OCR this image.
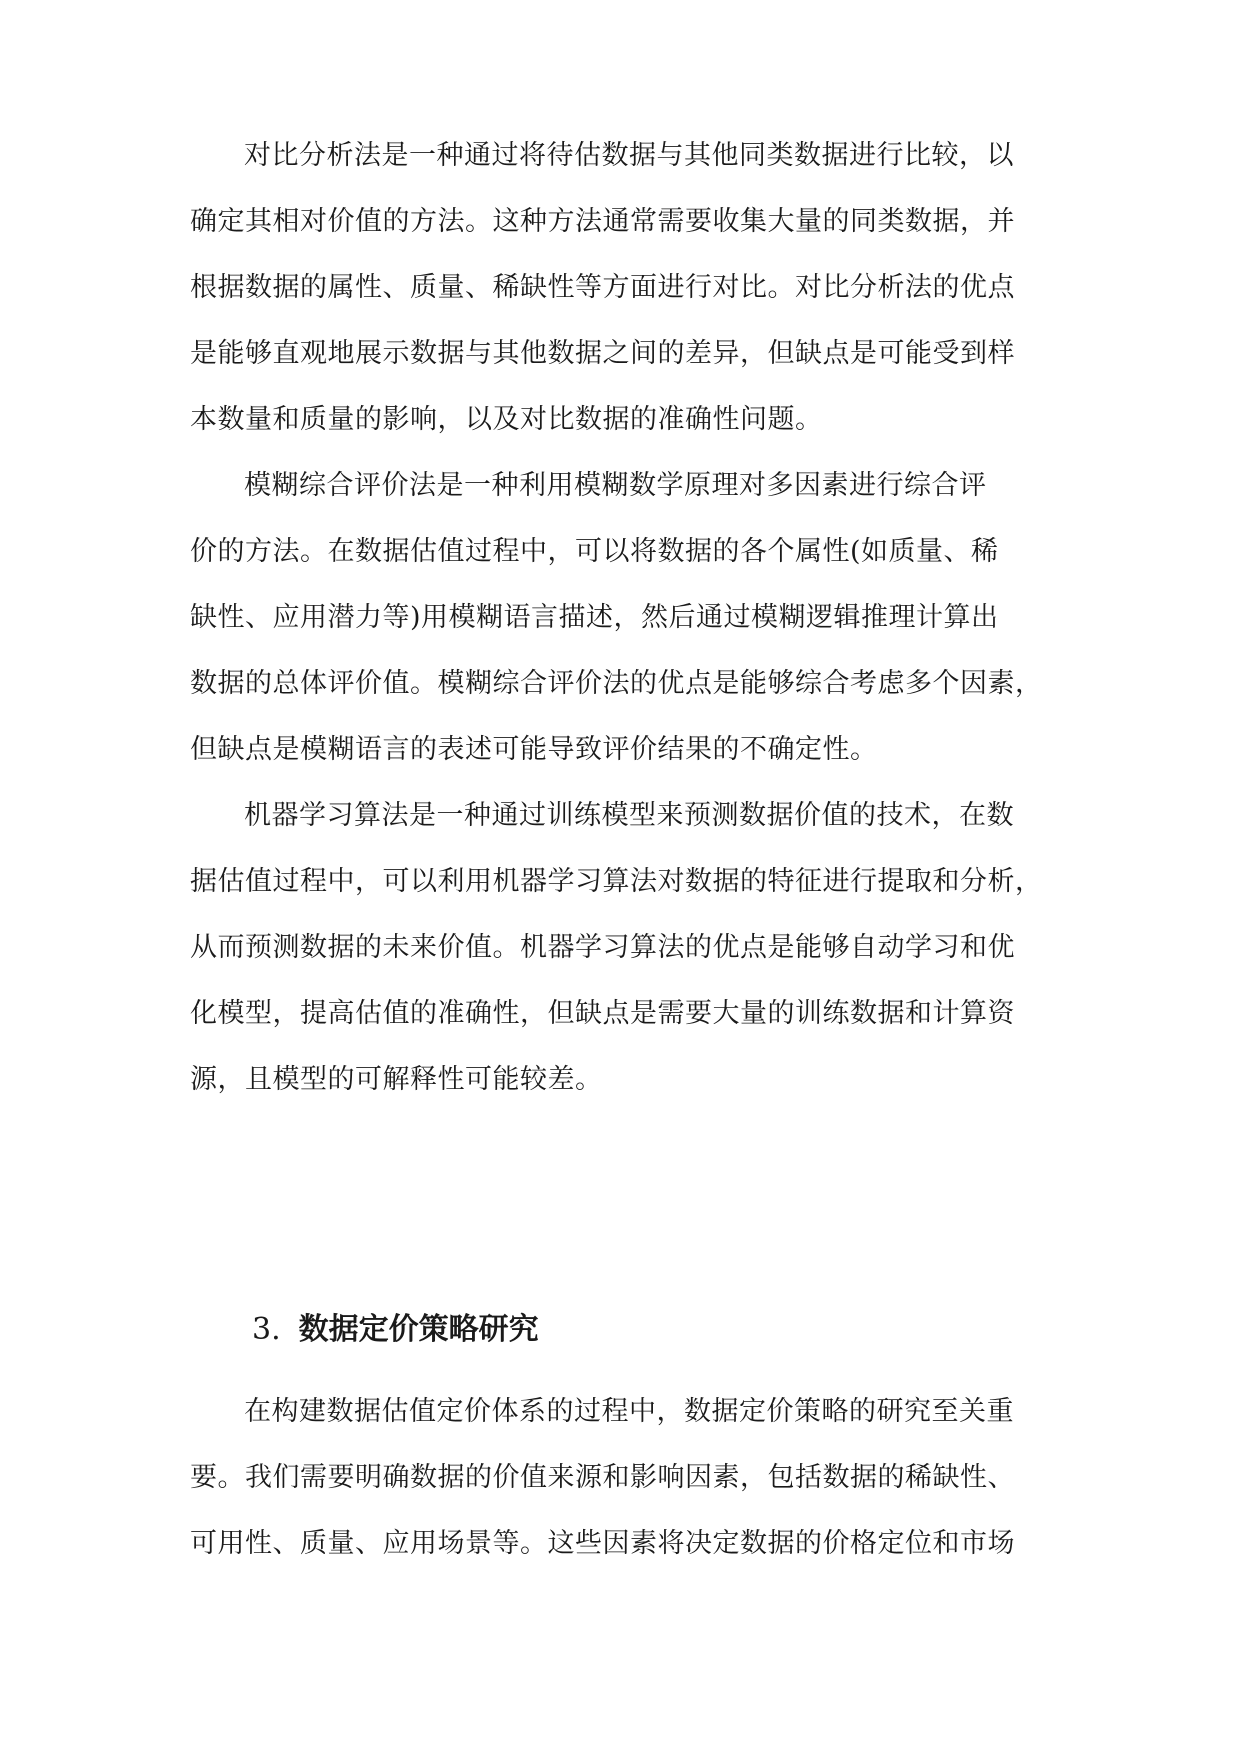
对比分析法是一种通过将待估数据与其他同类数据进行比较，以

确定其相对价值的方法。这种方法通常需要收集大量的同类数据，并

根据数据的属性、质量、稀缺性等方面进行对比。对比分析法的优点

是能够直观地展示数据与其他数据之间的差异，但缺点是可能受到样

本数量和质量的影响，以及对比数据的准确性问题。

模糊综合评价法是一种利用模糊数学原理对多因素进行综合评

价的方法。在数据估值过程中，可以将数据的各个属性(如质量、稀

缺性、应用潜力等)用模糊语言描述，然后通过模糊逻辑推理计算出

数据的总体评价值。模糊综合评价法的优点是能够综合考虑多个因素，

但缺点是模糊语言的表述可能导致评价结果的不确定性。

机器学习算法是一种通过训练模型来预测数据价值的技术，在数

据估值过程中，可以利用机器学习算法对数据的特征进行提取和分析，

从而预测数据的未来价值。机器学习算法的优点是能够自动学习和优

化模型，提高估值的准确性，但缺点是需要大量的训练数据和计算资

源，且模型的可解释性可能较差。

3. 数据定价策略研究

在构建数据估值定价体系的过程中，数据定价策略的研究至关重

要。我们需要明确数据的价值来源和影响因素，包括数据的稀缺性、

可用性、质量、应用场景等。这些因素将决定数据的价格定位和市场
